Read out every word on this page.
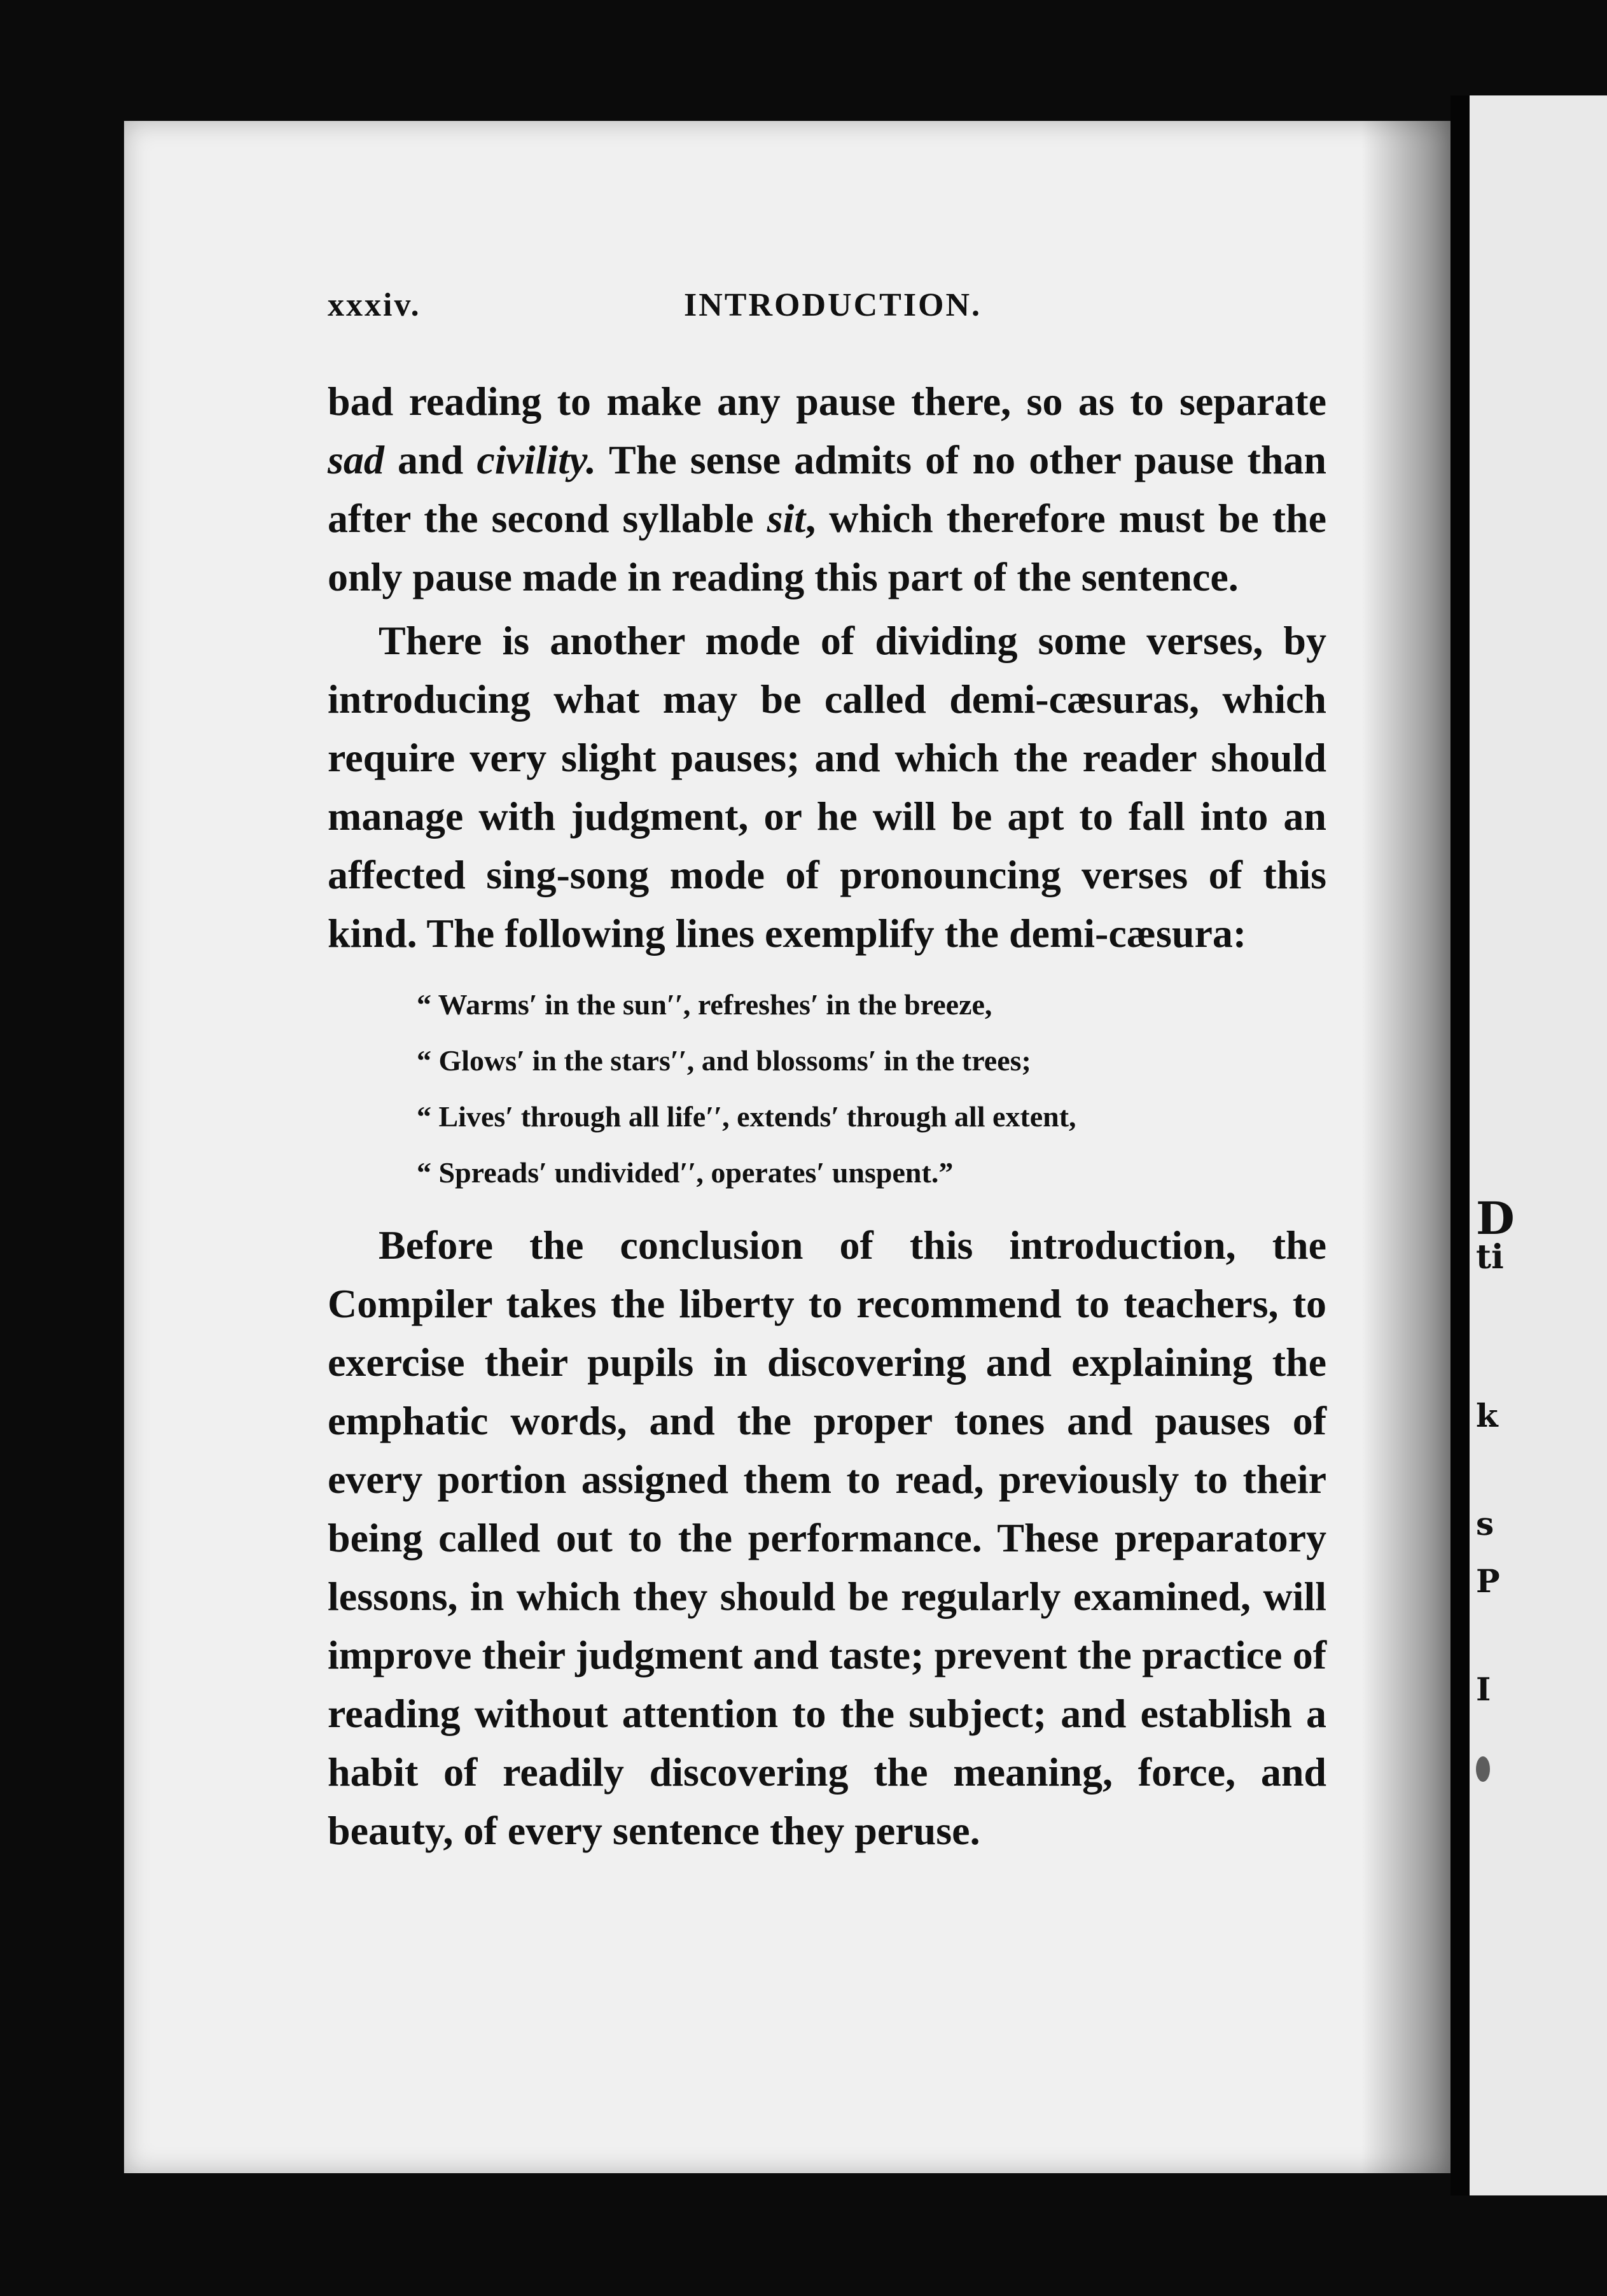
D
ti
k
s
P
I
xxxiv.	INTRODUCTION.

bad reading to make any pause there, so as to separate sad and civility. The sense admits of no other pause than after the second syllable sit, which therefore must be the only pause made in reading this part of the sentence.

There is another mode of dividing some verses, by introducing what may be called demi-cæsuras, which require very slight pauses; and which the reader should manage with judgment, or he will be apt to fall into an affected sing-song mode of pronouncing verses of this kind. The following lines exemplify the demi-cæsura:

“ Warms′ in the sun′′, refreshes′ in the breeze,
“ Glows′ in the stars′′, and blossoms′ in the trees;
“ Lives′ through all life′′, extends′ through all extent,
“ Spreads′ undivided′′, operates′ unspent.”

Before the conclusion of this introduction, the Compiler takes the liberty to recommend to teachers, to exercise their pupils in discovering and explaining the emphatic words, and the proper tones and pauses of every portion assigned them to read, previously to their being called out to the performance. These preparatory lessons, in which they should be regularly examined, will improve their judgment and taste; prevent the practice of reading without attention to the subject; and establish a habit of readily discovering the meaning, force, and beauty, of every sentence they peruse.
